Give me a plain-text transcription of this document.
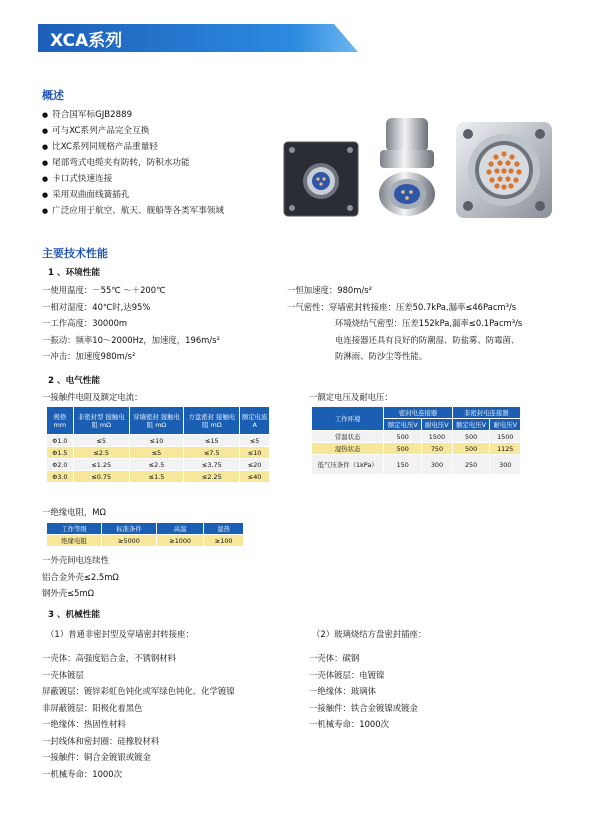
XCA系列
概述
● 符合国军标GJB2889
● 可与XC系列产品完全互换
● 比XC系列同规格产品重量轻
● 尾部弯式电缆夹有防转，防积水功能
● 卡口式快速连接
● 采用双曲面线簧插孔
● 广泛应用于航空、航天、舰船等各类军事领域
主要技术性能
1 、环境性能
一使用温度：－55℃ ～＋200℃
一相对湿度：40℃时,达95%
一工作高度：30000m
一振动：频率10～2000Hz，加速度，196m/s²
一冲击：加速度980m/s²
一恒加速度：980m/s²
一气密性：穿墙密封转接座：压差50.7kPa,漏率≤46Pacm³/s
环境烧结气密型：压差152kPa,漏率≤0.1Pacm³/s
电连接器还具有良好的防潮湿、防盐雾、防霉菌、
防淋雨、防沙尘等性能。
2 、电气性能
一接触件电阻及额定电流：	一额定电压及耐电压：
规格 mm	非密封型 接触电阻 mΩ	穿墙密封 接触电阻 mΩ	方盘密封 接触电阻 mΩ	额定电流 A
Φ1.0	≤5	≤10	≤15	≤5
Φ1.5	≤2.5	≤5	≤7.5	≤10
Φ2.0	≤1.25	≤2.5	≤3.75	≤20
Φ3.0	≤0.75	≤1.5	≤2.25	≤40
工作环境	密封电连接器		非密封电连接器	
	额定电压V	耐电压V	额定电压V	耐电压V
常温状态	500	1500	500	1500
湿热状态	500	750	500	1125
低气压条件（1kPa）	150	300	250	300
一绝缘电阻，MΩ
工作等级	标准条件	高温	湿热
绝缘电阻	≥5000	≥1000	≥100
一外壳间电连续性
铝合金外壳≤2.5mΩ
钢外壳≤5mΩ
3 、机械性能
（1）普通非密封型及穿墙密封转接座：	（2）玻璃烧结方盘密封插座：
一壳体：高强度铝合金，不锈钢材料
一壳体镀层
屏蔽镀层：镀锌彩虹色钝化或军绿色钝化、化学镀镍
非屏蔽镀层：阳极化着黑色
一绝缘体：热固性材料
一封线体和密封圈：硅橡胶材料
一接触件：铜合金镀银或镀金
一机械寿命：1000次
一壳体：碳钢
一壳体镀层：电镀镍
一绝缘体：玻璃体
一接触件：铁合金镀镍或镀金
一机械寿命：1000次
